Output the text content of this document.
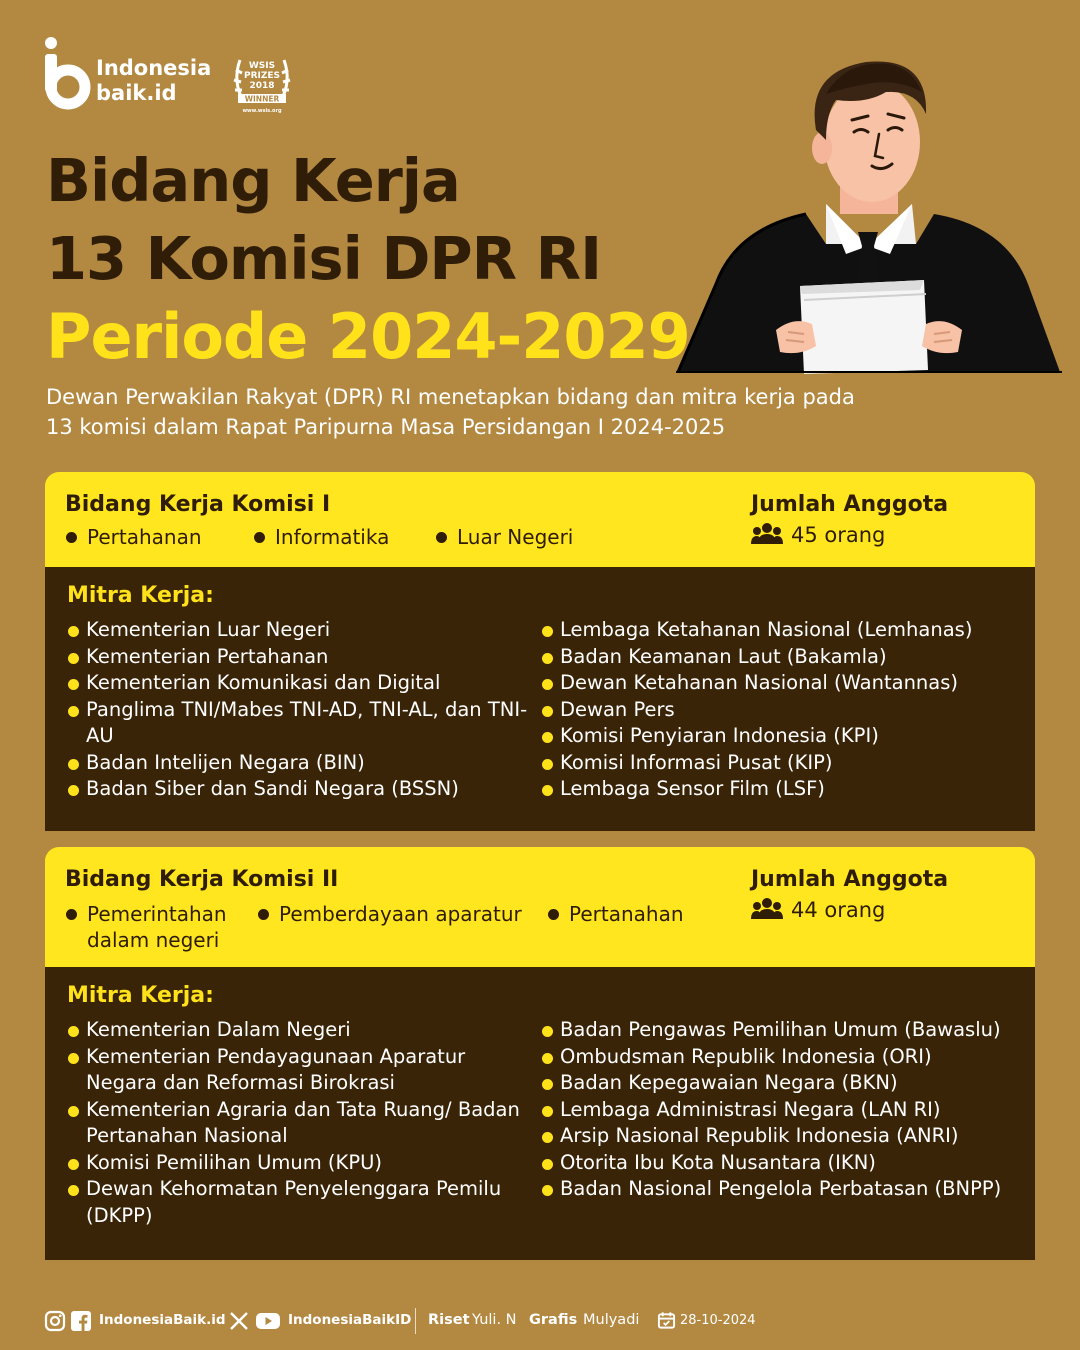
Indonesia
baik.id
WSIS
PRIZES
2018
WINNER
www.wsis.org
Bidang Kerja
13 Komisi DPR RI
Periode 2024-2029
Dewan Perwakilan Rakyat (DPR) RI menetapkan bidang dan mitra kerja pada 13 komisi dalam Rapat Paripurna Masa Persidangan I 2024-2025
Bidang Kerja Komisi I
Pertahanan	Informatika	Luar Negeri
Jumlah Anggota
45 orang
Mitra Kerja:
Kementerian Luar Negeri
Kementerian Pertahanan
Kementerian Komunikasi dan Digital
Panglima TNI/Mabes TNI-AD, TNI-AL, dan TNI-AU
Badan Intelijen Negara (BIN)
Badan Siber dan Sandi Negara (BSSN)
Lembaga Ketahanan Nasional (Lemhanas)
Badan Keamanan Laut (Bakamla)
Dewan Ketahanan Nasional (Wantannas)
Dewan Pers
Komisi Penyiaran Indonesia (KPI)
Komisi Informasi Pusat (KIP)
Lembaga Sensor Film (LSF)
Bidang Kerja Komisi II
Pemerintahan dalam negeri
Pemberdayaan aparatur	Pertanahan
Jumlah Anggota
44 orang
Mitra Kerja:
Kementerian Dalam Negeri
Kementerian Pendayagunaan Aparatur Negara dan Reformasi Birokrasi
Kementerian Agraria dan Tata Ruang/ Badan Pertanahan Nasional
Komisi Pemilihan Umum (KPU)
Dewan Kehormatan Penyelenggara Pemilu (DKPP)
Badan Pengawas Pemilihan Umum (Bawaslu)
Ombudsman Republik Indonesia (ORI)
Badan Kepegawaian Negara (BKN)
Lembaga Administrasi Negara (LAN RI)
Arsip Nasional Republik Indonesia (ANRI)
Otorita Ibu Kota Nusantara (IKN)
Badan Nasional Pengelola Perbatasan (BNPP)
IndonesiaBaik.id	IndonesiaBaikID Riset Yuli. N Grafis Mulyadi	28-10-2024
